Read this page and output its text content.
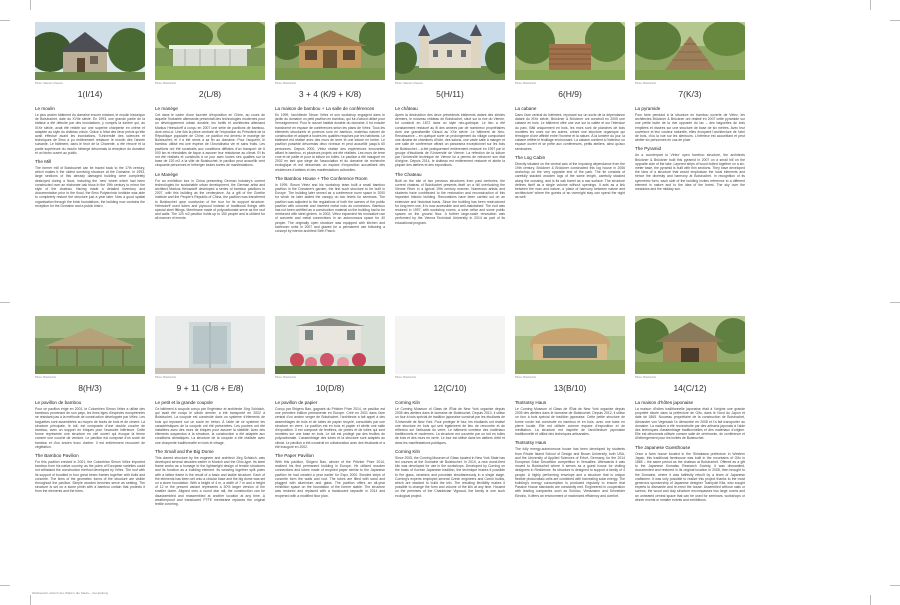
Photo: Valentin Chauvet
1(I/14)
Le moulin
Le plus ancien bâtiment du domaine encore existant, le moulin historique de Boisbuchet, date du XVIIe siècle. En 1993, une grande partie de la bâtisse a été détruite par des inondations, y compris la turbine qui, au XIXe siècle, avait été refaite sur une superbe charpente en chêne et adaptée au style du château voisin. Grâce à l'état des lieux précis qu'elle avait effectué avant les inondations, l'Université des sciences et techniques de Brno a pu entièrement restaurer le moulin dès l'année suivante. Le bâtiment, dans le tiroir de la Charente, a été rénové et la partie supérieure du moulin héberge désormais la réception du domaine et un bistro ouvert au public.
The Mill
The former mill of Boisbuchet can be traced back to the 17th century, which makes it the oldest surviving structure at the Domaine. In 1993, large sections of this already damaged building were completely destroyed during a flood, including the 'new' wheel which had been constructed over an elaborate oak truss in the 19th century to mirror the style of the chateau. Having made a detailed inventory and documentation prior to the flood, the Brno Polytechnic Institute was able to completely restore the structure just a year later. Now a good spatial organisation through the brick foundations, the building now contains the reception for the Domaine and a public bistro.
Photo: Boisbuchet
2(L/8)
Le manège
Cet dans le cadre d'une tournée d'exposition en Chine, au cours de laquelle l'industrie allemande présentait des technologies modernes pour un développement urbain durable, les furtifs et architectes allemand Markus Heinsdorff a conçu en 2007 une série de pavillons de bambou, dont celui-ci. Une fois la pièce centrale de l'exposition du Président de la République populaire de Chine, ce pavillon est devenu le manège de Boisbuchet, et il a été remis à sa fin au domaine. Pour l'acquérir, le bambou utilisé est une espèce de l'Arundinaria vie et sans fruits. Les pavillons ont été soustraits aux conditions difficiles d'un transport de 6 000 km et réinstallés de façon à assurer leur résistance au climat. Et ils ont été réalisés et construits à ce jour avec toutes ses qualités sur la base de 120 m2 à la ville de Boisbuchet, le pavillon peut accueillir cent cinquante personnes et héberger toutes sortes de manifestations.
Le Manège
For an exhibition tour in China presenting German industry's current technologies for sustainable urban development, the German artist and architect Markus Heinsdorff developed a series of bamboo pavilions in 2007, with this building as the centerpiece. As a gift of the Goethe Institute and the People's Republic of China, the pavilion was transferred to Boisbuchet upon conclusion of the tour for its support structure. Heinsdorff used tubes and plywood instead of traditional fixings with special steel fittings. Membrane made of polycarbonate serve as the roof and walls. The 120 m2 pavilion holds up to 150 people and is utilized for all manner of events.
Photo: Boisbuchet
3 + 4 (K/9 + K/8)
La maison de bambou + La salle de conférences
En 1999, l'architecte Simon Vélez et son workshop engagent dans le jardin du domaine un petit pavillon en bambou, qui fut d'abord utilisé pour l'enseignement. Pour le nouvel habitat durable du domaine, il fut ensuite transformé en espace de conférences selon les plans de Vélez. Tous les éléments structurels et porteurs sont en bambou, matériau naturel de construction et adapté à toutes les qualités requises par les habitants. Le bâtiment est réalisé avec des murs de terre et une toiture en herbe. Le pavillon possède désormais deux niveaux et peut accueillir jusqu'à 60 personnes. Depuis 2000, Vélez réalise des expériences innovantes alliant le bambou, et plusieurs projets ont été réalisés. Les murs de terre crue et de paille et pour la toiture en tuiles. Le pavillon a été inauguré en 2002 en tant que siège de l'association et du domaine de recherche écologique et est désormais un espace d'exposition accueillant des résidences d'artistes et des manifestations culturelles.
The Bamboo House + The Conference Room
In 1999, Simon Vélez and his workshop team built a small bamboo pavilion in the Domaine's garden, the first such structure to be built in Europe. The building later served as a conference room space in 2000 for which he later added the canopy on two levels for seminars. The pavilion was adjusted to the regulations of both the owners of the public pavilion with concrete and inserted metal rods as connectors. Bamboo has not been certified as a construction material so the building had to be reinforced with steel girders. In 2002, Vélez expanded his innovative use of concrete and metal connections in an autonomous space for 40 people. The originally open structure was equipped with kitchen and bathroom units in 2007 and glazed for a permanent use following a concept by interior architect Seth Pasch.
Photo: Valentin Chauvet
5(H/11)
Le château
Après la destruction des deux précédents bâtiments datant des siècles derniers, le nouveau château de Boisbuchet, situé sur la rive du Vienne, fut construit en 1872 dans un style néo-gothique. Le lieu a été constamment restauré au fil des années par de nombreux propriétaires dont une grandfamille Giraud au XXe siècle. Le bâtiment de Néo-Renaissance – en quelque sorte un prolongement du village comportant une dizaine de chambres d'hôte, des salons, une vaste salle à manger et une salle de conférence offrant un panorama exceptionnel sur les bois de Boisbuchet – a été pratiquement entièrement restauré en 1997 par le groupe d'étudiants de l'Université de Vienne. La réfection de la toiture par l'Université technique de Vienne lui a permis de retrouver son état d'origine. Depuis 2014, le château est entièrement restauré et abrite la plupart des ateliers et des expositions.
The Chateau
Built on the site of two previous structures from past centuries, the current chateau of Boisbuchet presents itself on a hill overlooking the Vienne River in a typical 19th century manner. Numerous artists and students have contributed to the restoration and reconstruction of this important historic building. Renovations have been carried out on an extensive and historical basis. Since the building has been restructured for long-term use, it is now accessible and well-maintained. The roof was restored in 1997, with workshop rooms, a wine cellar and some public spaces on the ground floor. A further large-scale renovation was performed by the Vienna Technical University in 2014 as part of its educational program.
Photo: Boisbuchet
6(H/9)
La cabane
Dans l'axe central du bâtiment, reposant sur un socle de la dépendance datant du XIXe siècle, Brückner & Brückner ont construit en 2005 une cabane en bois. Le bâtiment offre une vue sur la vallée et sur l'étendue du parc. Bâti uniquement en bois, les murs sont de planches de bois montées les unes sur les autres, créant une structure organique qui témoigne d'une affinité entre l'homme et la nature. À la lumière du jour, la cabane reflète le feuillage environnant. La cabane contient à l'intérieur un espace ouvert et se prête aux conférences, petits ateliers, ainsi qu'aux séminaires.
The Log Cabin
Directly situated on the central axis of the imposing dépendance from the 19th century, Brückner & Brückner constructed this log house in 2006 workshop on the very opposite end of the park. The tie consists of carefully stacked wooden logs of the same length, carefully stacked along the crossing, and is its oak barrel as a raw surface. The structure defines itself as a single volume without openings. It acts as a link between the man and nature, a 'place of harmony between nature and architecture' where the guests of an overnight stay can spend the night as well.
Photo: Boisbuchet
7(K/3)
La pyramide
Pour faire pendant à la structure en bambou ouverte de Vélez, les architectes Brückner & Brückner ont réalisé en 2007 cette pyramide sur une petite butte de la rive opposée du lac – des baguettes de bois empilées et vissées sur une structure de base de six mètres. Avec leur ouverture et leur couleur naturelle, elles évoquent l'architecture de l'abri de bois, d'où la vue sur les alentours. L'intérieur est accueillant et peut abriter six personnes en cas de pluie.
The Pyramid
As a counterpart to Vélez' open bamboo structure, the architects Brückner & Brückner built this pyramid in 2007 on a small hill on the opposite side of the lake. Layered strips of wood bolted together on a six-meter base, the pyramid is built with thin sections. They have developed the idea of a structure that would emphasize the local elements and hence the diversity and harmony at Boisbuchet. In recognition of its symmetric form, each side of the building invites reference to a different element in nature and to the idea of the forest. The sky over the meadows and the midday sun.
Photo: Boisbuchet
8(H/3)
Le pavillon de bambou
Pour ce pavillon érigé en 2001, le Colombien Simon Vélez a utilisé des bambous provenant de son pays, les fines tiges d'espèces européennes ne résistant pas à la méthode de construction développée par Vélez. Les baguettes sont assemblées au moyen de bouts de bois et de ciment. La structure principale, le toit, est composée d'une double couche de bambou, avec un support en briques pour l'avancée intérieure. Cette forme représente une structure en ciel ouvert qui évoque la ferme comme une couche de verdure. Le pavillon est composé d'un socle de bambou et d'un ancien tronc d'arbre. Il est entièrement recouvert de végétation.
The Bamboo Pavilion
For this pavilion erected in 2001, the Colombian Simon Vélez imported bamboo from his native country, as the poles of European varieties could not withstand the construction method developed by Vélez. The roof with its support of bundled in four great beam frames together with bolts and concrete. The lines of the geometric forms of the structure are visible throughout the pavilion. Simple wooden benches serve as seating. The structure is set on a stone plinth with a bamboo curtain that protects it from the elements and the trees.
Photo: Boisbuchet
9 + 11 (C/8 + E/8)
Le petit et la grande coupole
Ce bâtiment à coupole conçu par l'ingénieur et architecte Jörg Schlaich, qui avait été conçu le siècle dernier, a été transporté en 2002 à Boisbuchet. La coupole est construite dans un système d'éléments de bois qui reposent sur un socle en béton. À l'aide de ce système les caractéristiques de la coupole ont été préservées. Les poutres ont été installées avec des murs de briques pour assurer la stabilité. Avec des éléments suspendus à la structure, la construction a été adaptée aux conditions climatiques. La structure de la coupole a été réalisée avec une charpente traditionnelle en bois et vitrage.
The Small and the Big Dome
This domed structure by the engineer and architect Jörg Schlaich, was developed several decades earlier in Munich and the Ohio-type. Its steel frame works as a homage to the lightweight design of tensile structures and its function as a building element. Its weaving together split poles with a lattice frame is the result of a basic and tactile structure. Each of the elements has been set onto a circular base and the big dome was set on a stone foundation. With a height of 4 m, a width of 7 m and a height of 12 m the present variant represents a 30% larger version of the smaller dome. Aligned onto a round star rail, the construction can be disassembled and reassembled at another location at any time. A weatherproof and translucent PTFE membrane replaces the original textile covering.
Photo: Boisbuchet
10(D/8)
Le pavillon de papier
Conçu par Shigeru Ban, gagnant du Pritzker Prize 2014, ce pavillon est une première édition permanente en Europe. Créé en 2001 dans l'axe central d'un ancien verger de Boisbuchet, l'architecte a fait appel à des assemblages de bois et de tubes de papier recyclé, consolidés par une structure en verre. Le pavillon est en bois et papier et abrite une salle d'exposition. Il est composé de fenêtres, de portes et de toiles qui sont montées sur une base en bois. Le toit est protégé par des feuilles de polycarbonate. L'assemblage des tubes et la structure sont adaptés au climat. Le pavillon a été construit en collaboration avec des étudiants et a été inauguré en 2002.
The Paper Pavilion
With this pavilion, Shigeru Ban, winner of the Pritzker Prize 2014, realized his first permanent building in Europe. He utilized wooden connections and tubes made of recycled paper similar to the Japanese pavilion he had created a year earlier for Expo 2000. Bonded strips of concrete form the walls and roof. The tubes are filled with sand and plugged with aluminium and glass. The pavilion offers an all-year exhibition space on the foundation of the former stable. The structure was restored and replaced with a translucent tarpaulin in 2014 and reopened with a modified floor plan.
Photo: Boisbuchet
12(C/10)
Corning Kiln
Le Corning Museum of Glass de l'État de New York organise depuis 2005 des ateliers dans le domaine de Boisbuchet. Depuis 2010, il utilise un four à bois spécial de tradition japonaise construit par les étudiants de l'Université de New York. Pour protéger le four, les étudiants ont réalisé une structure en bois qui sert également de lieu de rencontre et de réflexion sur l'artisanat du verre. Le bâtiment combine des matériaux traditionnels et modernes. La structure est couverte par un toit en tuiles de bois et des murs en verre. Le four est utilisé dans les ateliers d'été et dans les manifestations publiques.
Corning Kiln
Since 2005, the Corning Museum of Glass located in New York State has led courses at the Domaine de Boisbuchet. In 2010, a new wood-fired kiln was developed for use in the workshops. Developed by Corning on the basis of Korean Japanese tradition, the technique makes it possible to fire glass, ceramics and porcelain simultaneously in a single stage. Corning's experts employed several Czech engineers and Czech builds, which are stacked to build the kiln. The resulting flexibility makes it possible to change the form and volume of the kiln at any time. Housed on the premises of the Chanteclair Vignaud, the family is one such ecological project.
Photo: Boisbuchet
13(B/10)
Tsotsotsy Haus
Le Corning Museum of Glass de l'État de New York organise depuis 2005 des ateliers dans le domaine de Boisbuchet. Depuis 2012, il utilise un four à bois spécial de tradition japonaise. Cette petite structure de forme ronde est construite en bambou et en bois, avec une base en pierre locale. Elle est utilisée comme espace d'exposition et de méditation. La structure est inspirée de l'architecture japonaise traditionnelle et utilise des techniques artisanales.
Tsotsotsy Haus
The fully energy-autonomous house has been developed by students from Rhode Island School of Design and Brown University, both USA, and the University of Applied Sciences of Erfurt, Germany, for the 2014 European Solar Decathlon competition in Versailles. Afterwards it was moved to Boisbuchet where it serves as a guest house for visiting designers in Residence. Its structure is designed to support a family of 4 people. A highly performing envelope and a structure that is unique flexible photovoltaic cells are combined with harvesting solar energy. The building's energy consumption is produced regularly to ensure that Passive House standards are constantly met. Engineered in cooperation with leading companies such as Schüco, Viessmann and Schneider Electric, it offers an environment of maximized efficiency and comfort.
Photo: Boisbuchet
14(C/12)
La maison d'hôtes japonaise
La maison d'hôtes traditionnelle japonaise était à l'origine une grande propriété située dans la préfecture de Gifu, dans le Nord du Japon et date de 1865. Nouveau propriétaire de la construction de Boisbuchet, Alexander von Vegesack l'a démontée en 2008 et l'a fait transporter au domaine. La maison a été reconstruite par des artisans japonais à l'aide des techniques d'assemblage traditionnelles et des matériaux d'origine. Elle est désormais utilisée comme salle de cérémonie, de conférence et d'hébergement pour les invités de Boisbuchet.
The Japanese Guesthouse
Once a farm house located in the Shirakawa prefecture in Western Japan, this traditional farmhouse was built in the mountains of Gifu in 1865 – the same period as the chateau at Boisbuchet. Offered as a gift to the Japanese Komatsu Research Society, it was dismantled, documented and restored in its original location in 2008, then brought to the Domaine, where it was faithfully rebuilt by a team of Japanese craftsmen. It was only possible to realize this project thanks to the most generous sponsorship of Japanese designer Toshiyuki Kita, who sought experts to dismantle and re-erect the house. Assembled without nails or screws, the wood and clay structure encompasses two large rooms and an unheated central space that can be used for seminars, workshops or dinner events or smaller events and exhibitions.
Wettbewerb «Durch den Wald in die Stadt» – Ausstellung
